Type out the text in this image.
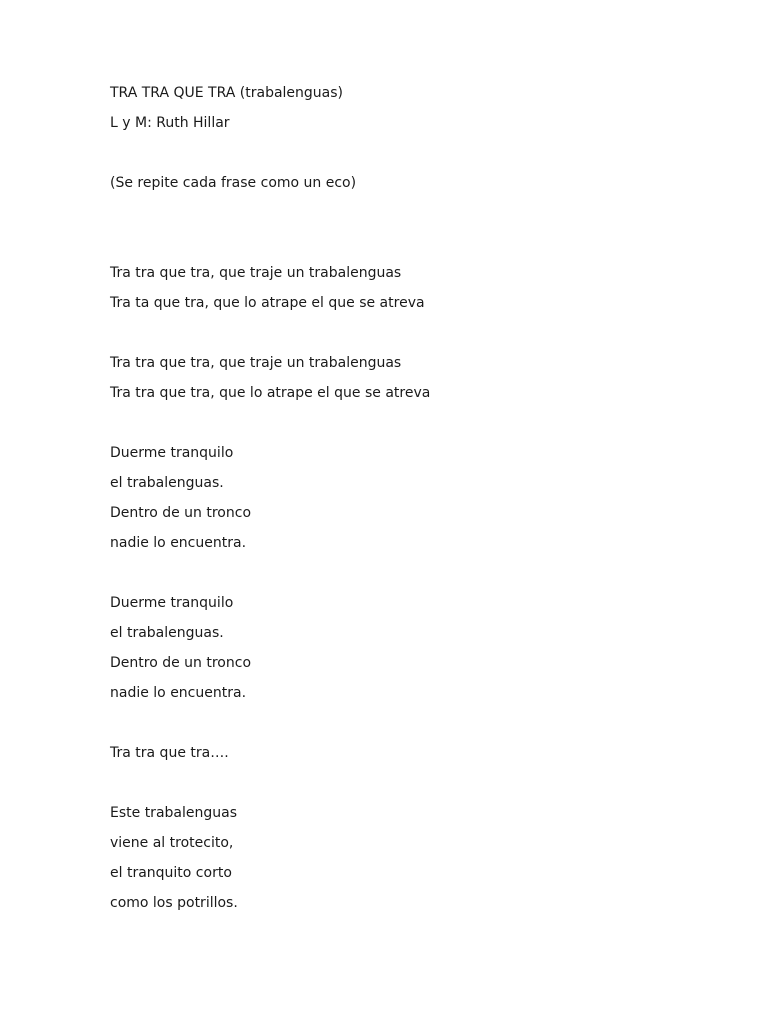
TRA TRA QUE TRA (trabalenguas)

L y M: Ruth Hillar

(Se repite cada frase como un eco)

Tra tra que tra, que traje un trabalenguas

Tra ta que tra, que lo atrape el que se atreva

Tra tra que tra, que traje un trabalenguas

Tra tra que tra, que lo atrape el que se atreva

Duerme tranquilo

el trabalenguas.

Dentro de un tronco

nadie lo encuentra.

Duerme tranquilo

el trabalenguas.

Dentro de un tronco

nadie lo encuentra.

Tra tra que tra….

Este trabalenguas

viene al trotecito,

el tranquito corto

como los potrillos.
